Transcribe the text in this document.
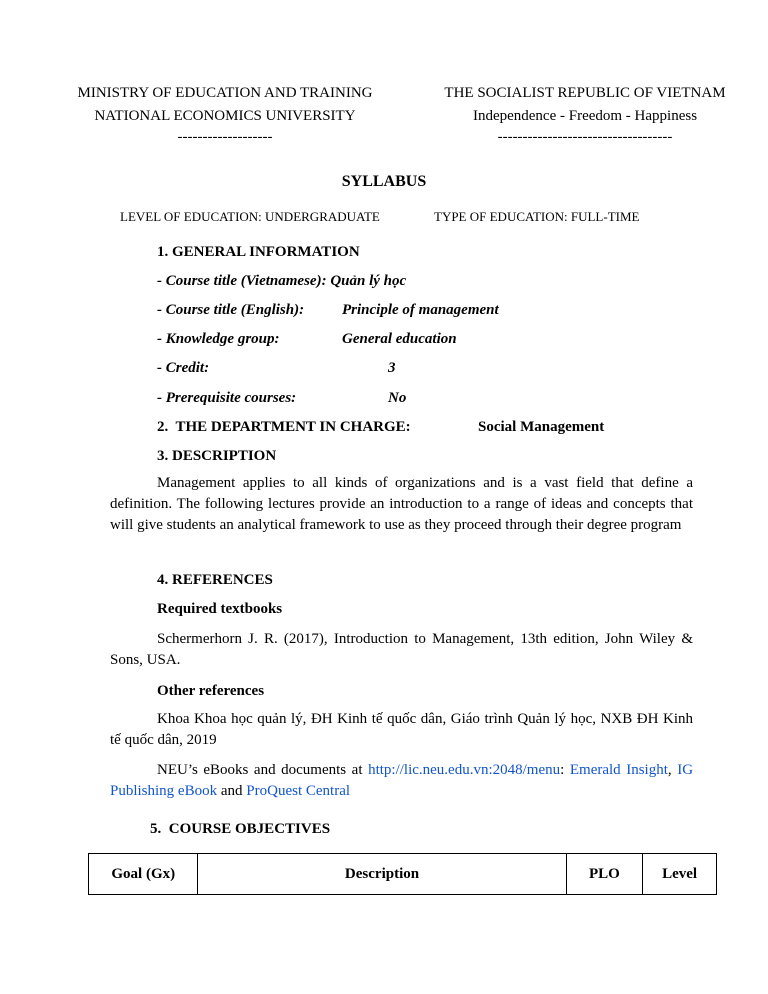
MINISTRY OF EDUCATION AND TRAINING
NATIONAL ECONOMICS UNIVERSITY
-------------------
THE SOCIALIST REPUBLIC OF VIETNAM
Independence - Freedom - Happiness
-----------------------------------
SYLLABUS
LEVEL OF EDUCATION: UNDERGRADUATE	TYPE OF EDUCATION: FULL-TIME
1. GENERAL INFORMATION
- Course title (Vietnamese): Quản lý học
- Course title (English):	Principle of management
- Knowledge group:	General education
- Credit:	3
- Prerequisite courses:	No
2.  THE DEPARTMENT IN CHARGE:	Social Management
3. DESCRIPTION
Management applies to all kinds of organizations and is a vast field that define a definition. The following lectures provide an introduction to a range of ideas and concepts that will give students an analytical framework to use as they proceed through their degree program
4. REFERENCES
Required textbooks
Schermerhorn J. R. (2017), Introduction to Management, 13th edition, John Wiley & Sons, USA.
Other references
Khoa Khoa học quản lý, ĐH Kinh tế quốc dân, Giáo trình Quản lý học, NXB ĐH Kinh tế quốc dân, 2019
NEU’s eBooks and documents at http://lic.neu.edu.vn:2048/menu: Emerald Insight, IG Publishing eBook and ProQuest Central
5.  COURSE OBJECTIVES
Goal (Gx)	Description	PLO	Level
